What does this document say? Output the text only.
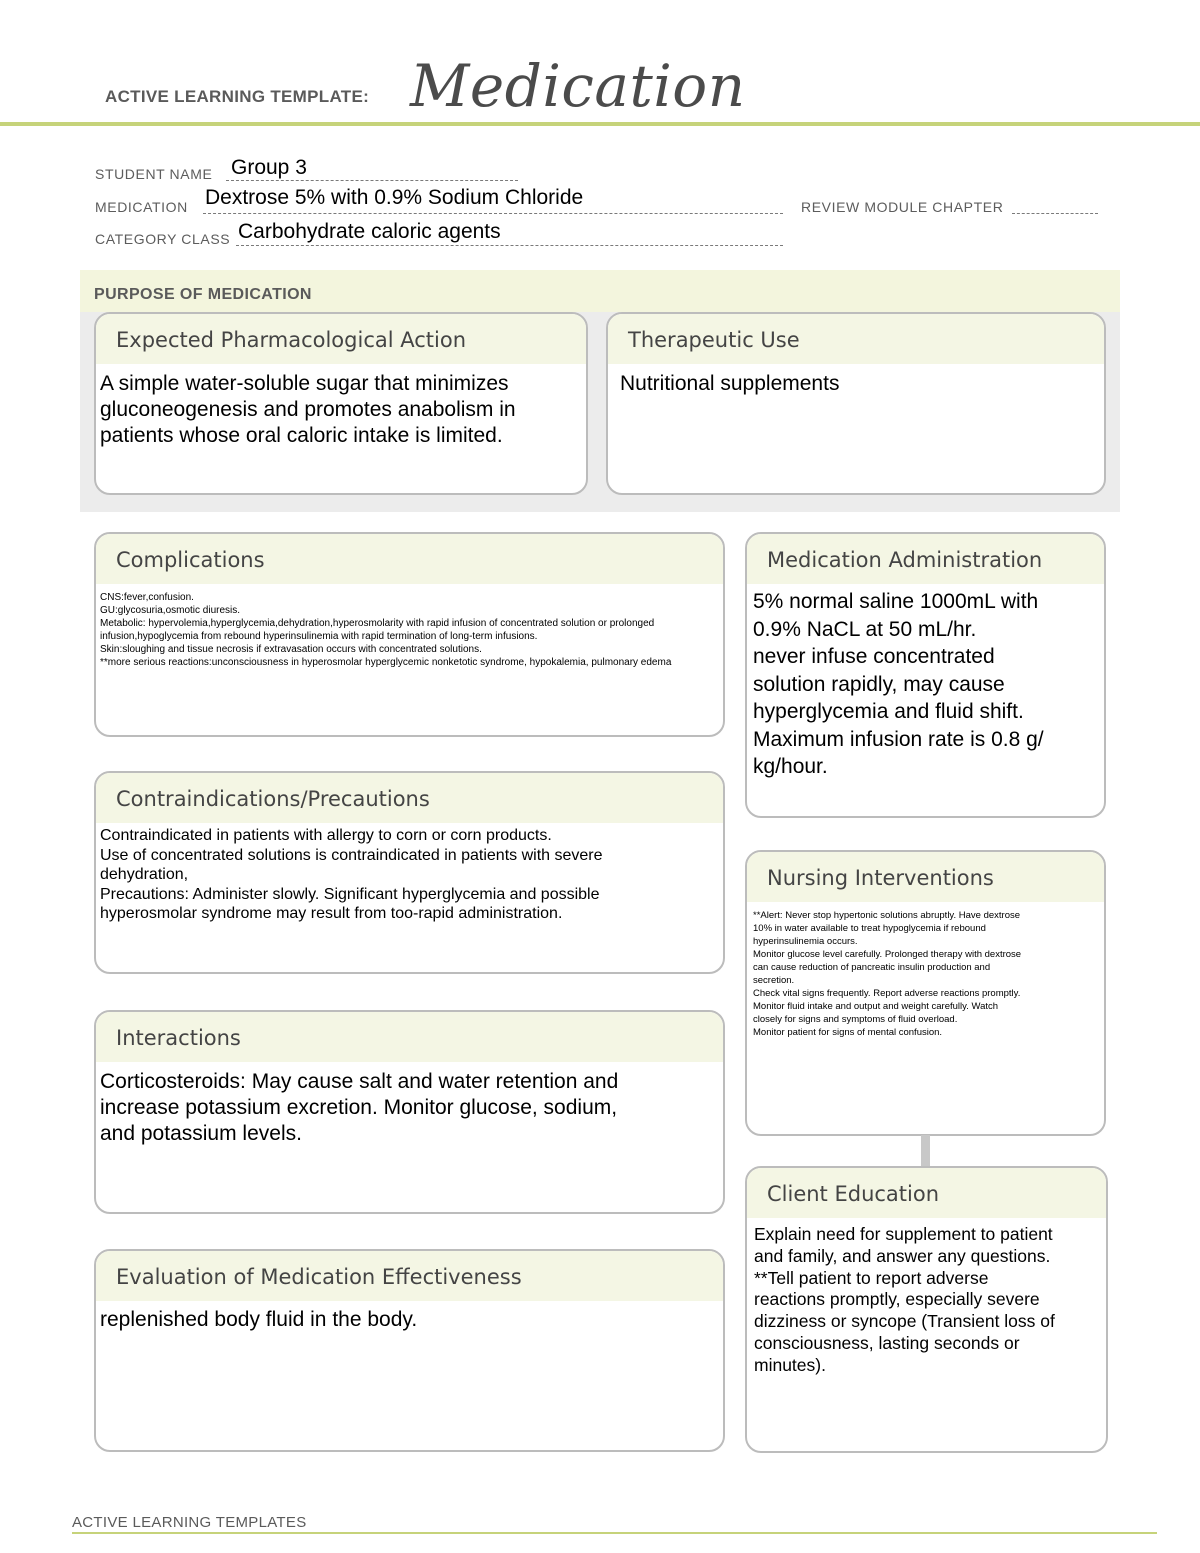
ACTIVE LEARNING TEMPLATE: Medication
STUDENT NAME Group 3
MEDICATION Dextrose 5% with 0.9% Sodium Chloride	REVIEW MODULE CHAPTER
CATEGORY CLASS Carbohydrate caloric agents
PURPOSE OF MEDICATION
Expected Pharmacological Action
A simple water-soluble sugar that minimizes gluconeogenesis and promotes anabolism in patients whose oral caloric intake is limited.
Therapeutic Use
Nutritional supplements
Complications
CNS:fever,confusion.
GU:glycosuria,osmotic diuresis.
Metabolic: hypervolemia,hyperglycemia,dehydration,hyperosmolarity with rapid infusion of concentrated solution or prolonged infusion,hypoglycemia from rebound hyperinsulinemia with rapid termination of long-term infusions.
Skin:sloughing and tissue necrosis if extravasation occurs with concentrated solutions.
**more serious reactions:unconsciousness in hyperosmolar hyperglycemic nonketotic syndrome, hypokalemia, pulmonary edema
Medication Administration
5% normal saline 1000mL with
0.9% NaCL at 50 mL/hr.
never infuse concentrated
solution rapidly, may cause
hyperglycemia and fluid shift.
Maximum infusion rate is 0.8 g/
kg/hour.
Contraindications/Precautions
Contraindicated in patients with allergy to corn or corn products.
Use of concentrated solutions is contraindicated in patients with severe
dehydration,
Precautions: Administer slowly. Significant hyperglycemia and possible
hyperosmolar syndrome may result from too-rapid administration.
Nursing Interventions
**Alert: Never stop hypertonic solutions abruptly. Have dextrose
10% in water available to treat hypoglycemia if rebound
hyperinsulinemia occurs.
Monitor glucose level carefully. Prolonged therapy with dextrose
can cause reduction of pancreatic insulin production and
secretion.
Check vital signs frequently. Report adverse reactions promptly.
Monitor fluid intake and output and weight carefully. Watch
closely for signs and symptoms of fluid overload.
Monitor patient for signs of mental confusion.
Interactions
Corticosteroids: May cause salt and water retention and
increase potassium excretion. Monitor glucose, sodium,
and potassium levels.
Client Education
Explain need for supplement to patient
and family, and answer any questions.
**Tell patient to report adverse
reactions promptly, especially severe
dizziness or syncope (Transient loss of
consciousness, lasting seconds or
minutes).
Evaluation of Medication Effectiveness
replenished body fluid in the body.
ACTIVE LEARNING TEMPLATES
